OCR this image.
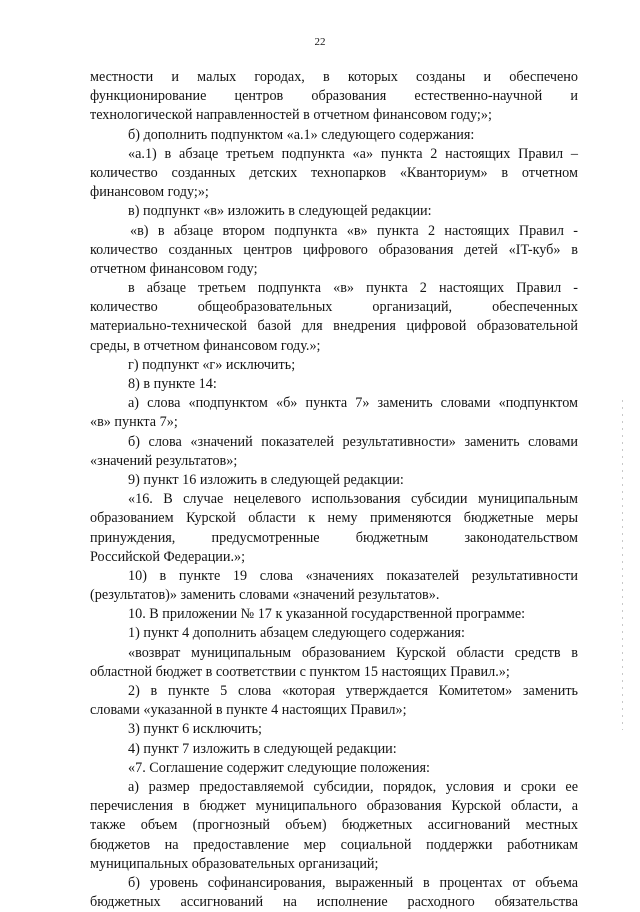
22
местности и малых городах, в которых созданы и обеспечено
функционирование центров образования естественно-научной и
технологической направленностей в отчетном финансовом году;»;
б) дополнить подпунктом «а.1» следующего содержания:
«а.1) в абзаце третьем подпункта «а» пункта 2 настоящих Правил –
количество созданных детских технопарков «Кванториум» в отчетном
финансовом году;»;
в) подпункт «в» изложить в следующей редакции:
«в) в абзаце втором подпункта «в» пункта 2 настоящих Правил -
количество созданных центров цифрового образования детей «IT-куб» в
отчетном финансовом году;
в абзаце третьем подпункта «в» пункта 2 настоящих Правил -
количество общеобразовательных организаций, обеспеченных
материально-технической базой для внедрения цифровой образовательной
среды, в отчетном финансовом году.»;
г) подпункт «г» исключить;
8) в пункте 14:
а) слова «подпунктом «б» пункта 7» заменить словами «подпунктом
«в» пункта 7»;
б) слова «значений показателей результативности» заменить словами
«значений результатов»;
9) пункт 16 изложить в следующей редакции:
«16. В случае нецелевого использования субсидии муниципальным
образованием Курской области к нему применяются бюджетные меры
принуждения, предусмотренные бюджетным законодательством
Российской Федерации.»;
10) в пункте 19 слова «значениях показателей результативности
(результатов)» заменить словами «значений результатов».
10. В приложении № 17 к указанной государственной программе:
1) пункт 4 дополнить абзацем следующего содержания:
«возврат муниципальным образованием Курской области средств в
областной бюджет в соответствии с пунктом 15 настоящих Правил.»;
2) в пункте 5 слова «которая утверждается Комитетом» заменить
словами «указанной в пункте 4 настоящих Правил»;
3) пункт 6 исключить;
4) пункт 7 изложить в следующей редакции:
«7. Соглашение содержит следующие положения:
а) размер предоставляемой субсидии, порядок, условия и сроки ее
перечисления в бюджет муниципального образования Курской области, а
также объем (прогнозный объем) бюджетных ассигнований местных
бюджетов на предоставление мер социальной поддержки работникам
муниципальных образовательных организаций;
б) уровень софинансирования, выраженный в процентах от объема
бюджетных ассигнований на исполнение расходного обязательства
